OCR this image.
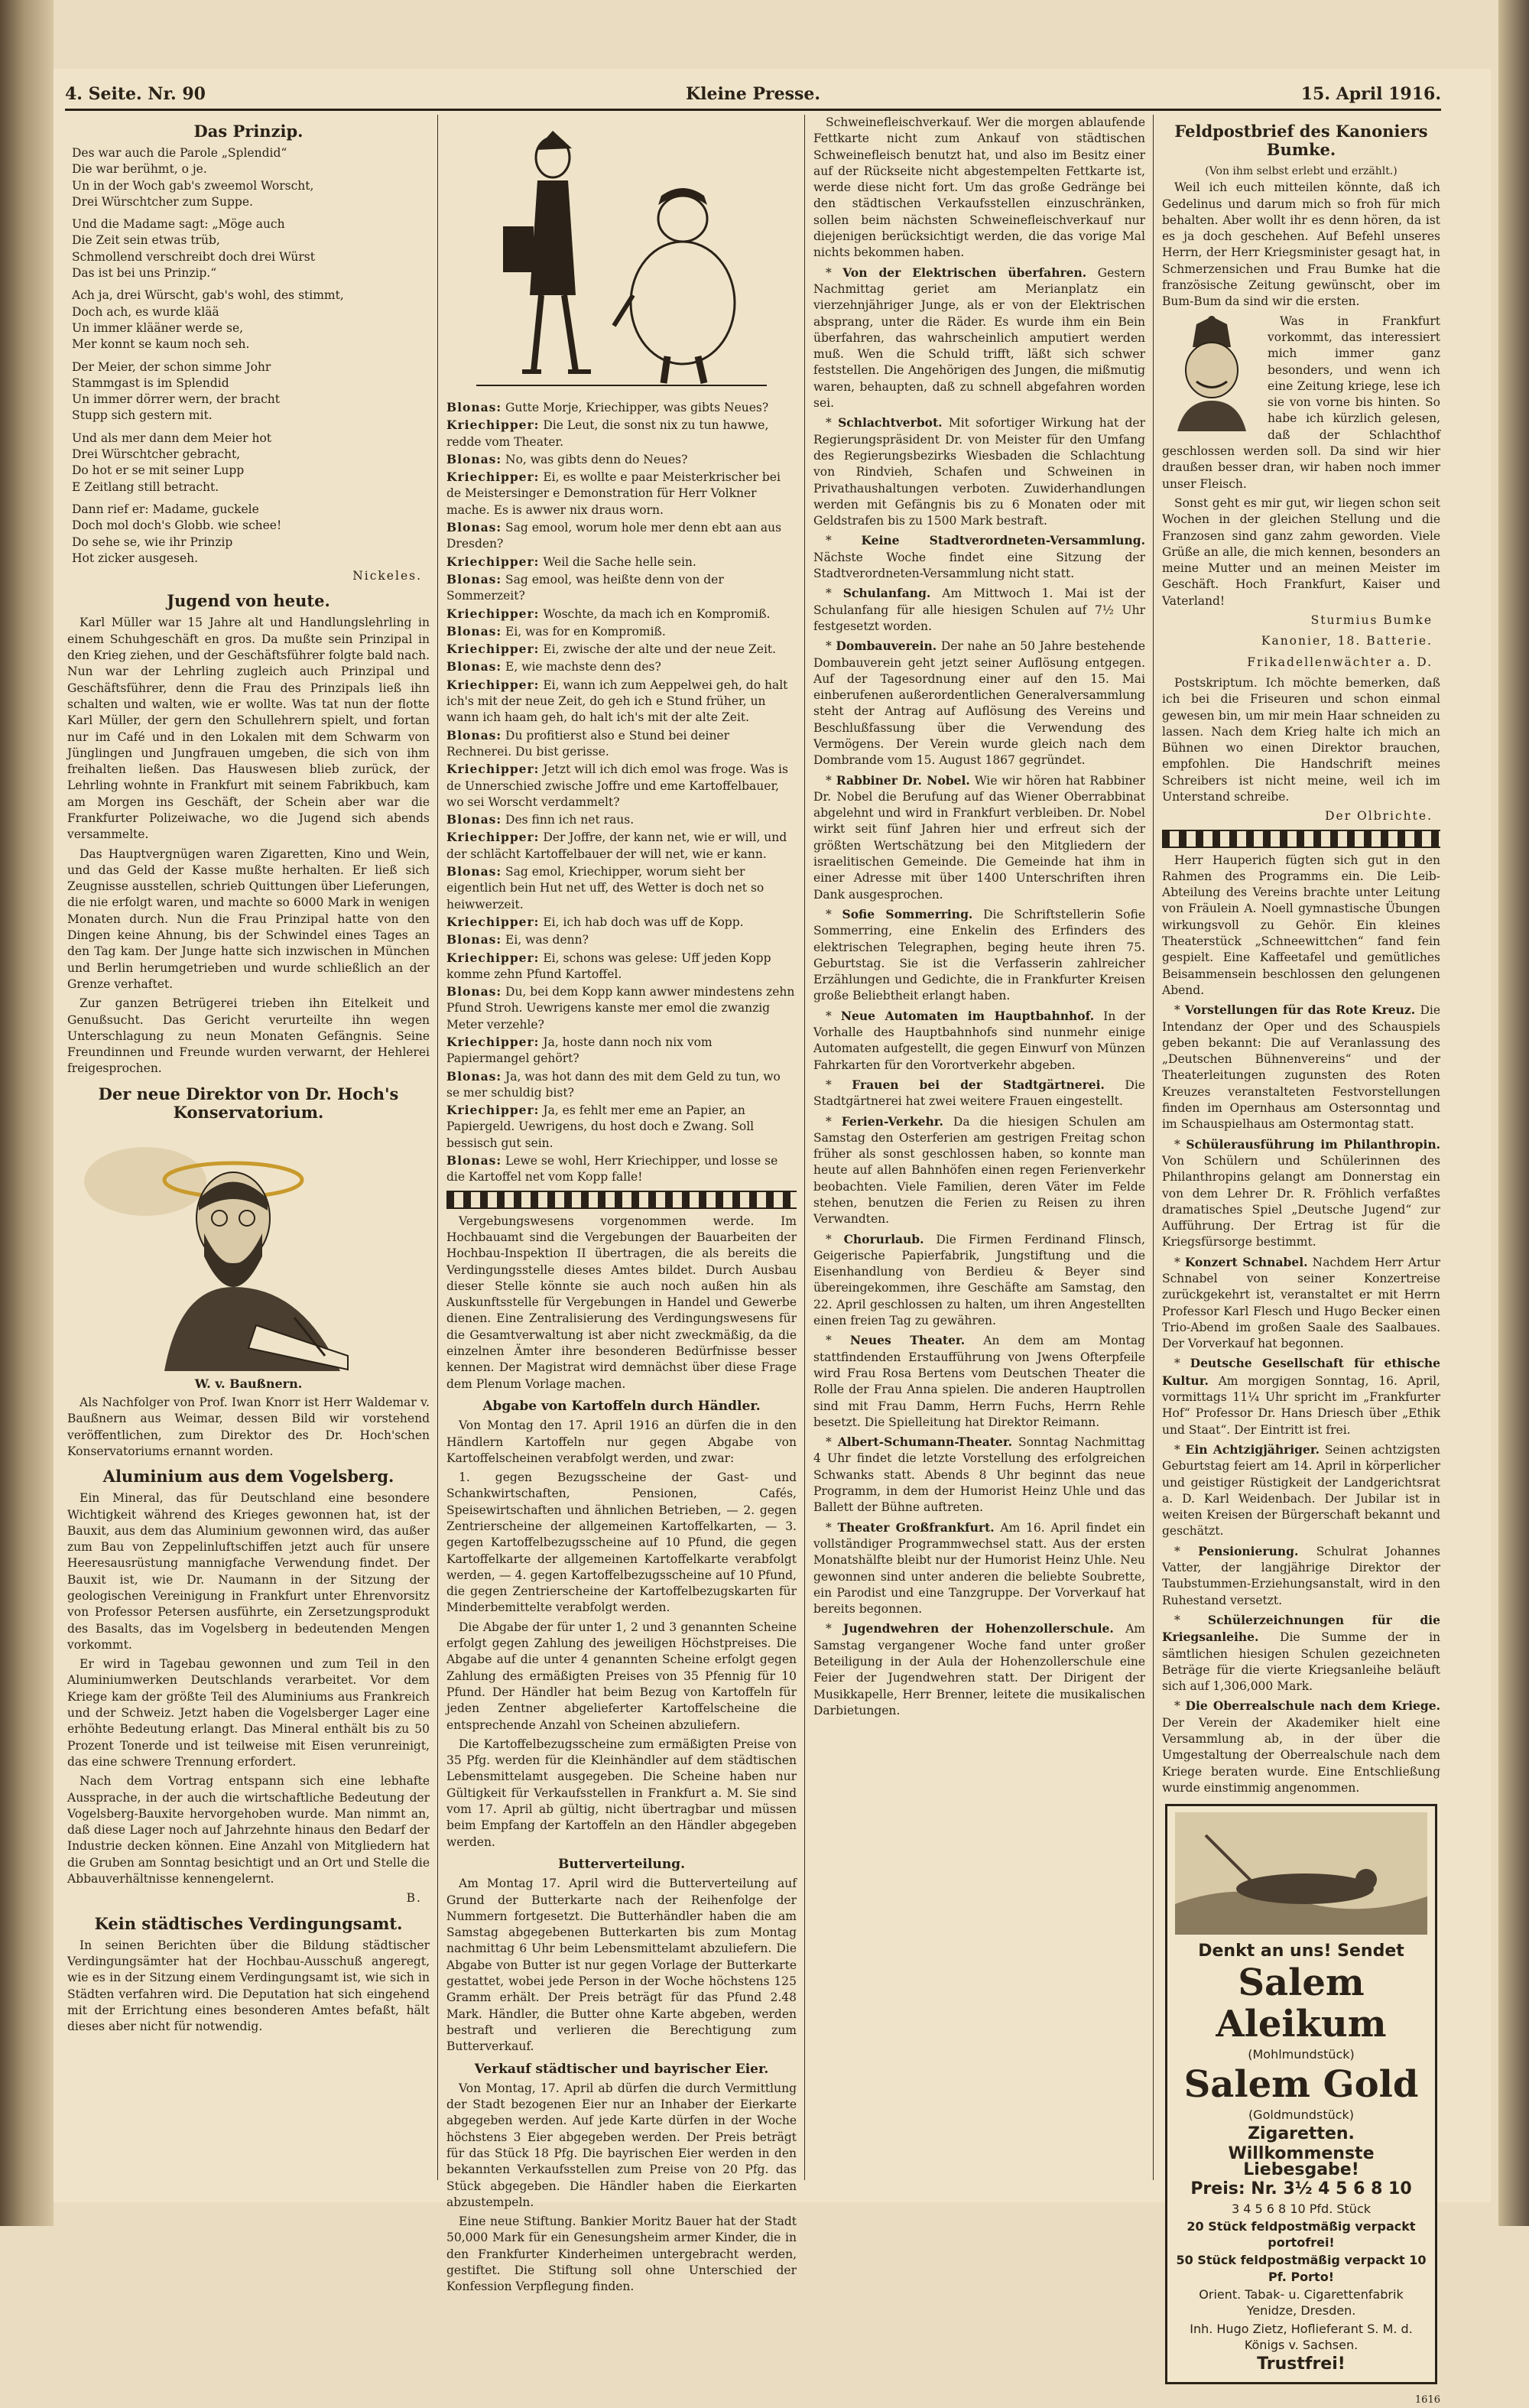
4. Seite. Nr. 90	Kleine Presse.	15. April 1916.
Das Prinzip.
Des war auch die Parole „Splendid“
Die war berühmt, o je.
Un in der Woch gab's zweemol Worscht,
Drei Würschtcher zum Suppe.
Und die Madame sagt: „Möge auch
Die Zeit sein etwas trüb,
Schmollend verschreibt doch drei Würst
Das ist bei uns Prinzip.“
Ach ja, drei Würscht, gab's wohl, des stimmt,
Doch ach, es wurde klää
Un immer klääner werde se,
Mer konnt se kaum noch seh.
Der Meier, der schon simme Johr
Stammgast is im Splendid
Un immer dörrer wern, der bracht
Stupp sich gestern mit.
Und als mer dann dem Meier hot
Drei Würschtcher gebracht,
Do hot er se mit seiner Lupp
E Zeitlang still betracht.
Dann rief er: Madame, guckele
Doch mol doch's Globb. wie schee!
Do sehe se, wie ihr Prinzip
Hot zicker ausgeseh.
Nickeles.
Jugend von heute.

Karl Müller war 15 Jahre alt und Handlungslehrling in einem Schuhgeschäft en gros. Da mußte sein Prinzipal in den Krieg ziehen, und der Geschäftsführer folgte bald nach. Nun war der Lehrling zugleich auch Prinzipal und Geschäftsführer, denn die Frau des Prinzipals ließ ihn schalten und walten, wie er wollte. Was tat nun der flotte Karl Müller, der gern den Schullehrern spielt, und fortan nur im Café und in den Lokalen mit dem Schwarm von Jünglingen und Jungfrauen umgeben, die sich von ihm freihalten ließen. Das Hauswesen blieb zurück, der Lehrling wohnte in Frankfurt mit seinem Fabrikbuch, kam am Morgen ins Geschäft, der Schein aber war die Frankfurter Polizeiwache, wo die Jugend sich abends versammelte.

Das Hauptvergnügen waren Zigaretten, Kino und Wein, und das Geld der Kasse mußte herhalten. Er ließ sich Zeugnisse ausstellen, schrieb Quittungen über Lieferungen, die nie erfolgt waren, und machte so 6000 Mark in wenigen Monaten durch. Nun die Frau Prinzipal hatte von den Dingen keine Ahnung, bis der Schwindel eines Tages an den Tag kam. Der Junge hatte sich inzwischen in München und Berlin herumgetrieben und wurde schließlich an der Grenze verhaftet.

Zur ganzen Betrügerei trieben ihn Eitelkeit und Genußsucht. Das Gericht verurteilte ihn wegen Unterschlagung zu neun Monaten Gefängnis. Seine Freundinnen und Freunde wurden verwarnt, der Hehlerei freigesprochen.

Der neue Direktor von Dr. Hoch's Konservatorium.
W. v. Baußnern.

Als Nachfolger von Prof. Iwan Knorr ist Herr Waldemar v. Baußnern aus Weimar, dessen Bild wir vorstehend veröffentlichen, zum Direktor des Dr. Hoch'schen Konservatoriums ernannt worden.

Aluminium aus dem Vogelsberg.

Ein Mineral, das für Deutschland eine besondere Wichtigkeit während des Krieges gewonnen hat, ist der Bauxit, aus dem das Aluminium gewonnen wird, das außer zum Bau von Zeppelinluftschiffen jetzt auch für unsere Heeresausrüstung mannigfache Verwendung findet. Der Bauxit ist, wie Dr. Naumann in der Sitzung der geologischen Vereinigung in Frankfurt unter Ehrenvorsitz von Professor Petersen ausführte, ein Zersetzungsprodukt des Basalts, das im Vogelsberg in bedeutenden Mengen vorkommt.

Er wird in Tagebau gewonnen und zum Teil in den Aluminiumwerken Deutschlands verarbeitet. Vor dem Kriege kam der größte Teil des Aluminiums aus Frankreich und der Schweiz. Jetzt haben die Vogelsberger Lager eine erhöhte Bedeutung erlangt. Das Mineral enthält bis zu 50 Prozent Tonerde und ist teilweise mit Eisen verunreinigt, das eine schwere Trennung erfordert.

Nach dem Vortrag entspann sich eine lebhafte Aussprache, in der auch die wirtschaftliche Bedeutung der Vogelsberg-Bauxite hervorgehoben wurde. Man nimmt an, daß diese Lager noch auf Jahrzehnte hinaus den Bedarf der Industrie decken können. Eine Anzahl von Mitgliedern hat die Gruben am Sonntag besichtigt und an Ort und Stelle die Abbauverhältnisse kennengelernt.

B.
Kein städtisches Verdingungsamt.

In seinen Berichten über die Bildung städtischer Verdingungsämter hat der Hochbau-Ausschuß angeregt, wie es in der Sitzung einem Verdingungsamt ist, wie sich in Städten verfahren wird. Die Deputation hat sich eingehend mit der Errichtung eines besonderen Amtes befaßt, hält dieses aber nicht für notwendig.

Blonas: Gutte Morje, Kriechipper, was gibts Neues?
Kriechipper: Die Leut, die sonst nix zu tun hawwe, redde vom Theater.
Blonas: No, was gibts denn do Neues?
Kriechipper: Ei, es wollte e paar Meisterkrischer bei de Meistersinger e Demonstration für Herr Volkner mache. Es is awwer nix draus worn.
Blonas: Sag emool, worum hole mer denn ebt aan aus Dresden?
Kriechipper: Weil die Sache helle sein.
Blonas: Sag emool, was heißte denn von der Sommerzeit?
Kriechipper: Woschte, da mach ich en Kompromiß.
Blonas: Ei, was for en Kompromiß.
Kriechipper: Ei, zwische der alte und der neue Zeit.
Blonas: E, wie machste denn des?
Kriechipper: Ei, wann ich zum Aeppelwei geh, do halt ich's mit der neue Zeit, do geh ich e Stund früher, un wann ich haam geh, do halt ich's mit der alte Zeit.
Blonas: Du profitierst also e Stund bei deiner Rechnerei. Du bist gerisse.
Kriechipper: Jetzt will ich dich emol was froge. Was is de Unnerschied zwische Joffre und eme Kartoffelbauer, wo sei Worscht verdammelt?
Blonas: Des finn ich net raus.
Kriechipper: Der Joffre, der kann net, wie er will, und der schlächt Kartoffelbauer der will net, wie er kann.
Blonas: Sag emol, Kriechipper, worum sieht ber eigentlich bein Hut net uff, des Wetter is doch net so heiwwerzeit.
Kriechipper: Ei, ich hab doch was uff de Kopp.
Blonas: Ei, was denn?
Kriechipper: Ei, schons was gelese: Uff jeden Kopp komme zehn Pfund Kartoffel.
Blonas: Du, bei dem Kopp kann awwer mindestens zehn Pfund Stroh. Uewrigens kanste mer emol die zwanzig Meter verzehle?
Kriechipper: Ja, hoste dann noch nix vom Papiermangel gehört?
Blonas: Ja, was hot dann des mit dem Geld zu tun, wo se mer schuldig bist?
Kriechipper: Ja, es fehlt mer eme an Papier, an Papiergeld. Uewrigens, du host doch e Zwang. Soll bessisch gut sein.
Blonas: Lewe se wohl, Herr Kriechipper, und losse se die Kartoffel net vom Kopp falle!

Vergebungswesens vorgenommen werde. Im Hochbauamt sind die Vergebungen der Bauarbeiten der Hochbau-Inspektion II übertragen, die als bereits die Verdingungsstelle dieses Amtes bildet. Durch Ausbau dieser Stelle könnte sie auch noch außen hin als Auskunftsstelle für Vergebungen in Handel und Gewerbe dienen. Eine Zentralisierung des Verdingungswesens für die Gesamtverwaltung ist aber nicht zweckmäßig, da die einzelnen Ämter ihre besonderen Bedürfnisse besser kennen. Der Magistrat wird demnächst über diese Frage dem Plenum Vorlage machen.

Abgabe von Kartoffeln durch Händler.

Von Montag den 17. April 1916 an dürfen die in den Händlern Kartoffeln nur gegen Abgabe von Kartoffelscheinen verabfolgt werden, und zwar:

1. gegen Bezugsscheine der Gast- und Schankwirtschaften, Pensionen, Cafés, Speisewirtschaften und ähnlichen Betrieben, — 2. gegen Zentrierscheine der allgemeinen Kartoffelkarten, — 3. gegen Kartoffelbezugsscheine auf 10 Pfund, die gegen Kartoffelkarte der allgemeinen Kartoffelkarte verabfolgt werden, — 4. gegen Kartoffelbezugsscheine auf 10 Pfund, die gegen Zentrierscheine der Kartoffelbezugskarten für Minderbemittelte verabfolgt werden.

Die Abgabe der für unter 1, 2 und 3 genannten Scheine erfolgt gegen Zahlung des jeweiligen Höchstpreises. Die Abgabe auf die unter 4 genannten Scheine erfolgt gegen Zahlung des ermäßigten Preises von 35 Pfennig für 10 Pfund. Der Händler hat beim Bezug von Kartoffeln für jeden Zentner abgelieferter Kartoffelscheine die entsprechende Anzahl von Scheinen abzuliefern.

Die Kartoffelbezugsscheine zum ermäßigten Preise von 35 Pfg. werden für die Kleinhändler auf dem städtischen Lebensmittelamt ausgegeben. Die Scheine haben nur Gültigkeit für Verkaufsstellen in Frankfurt a. M. Sie sind vom 17. April ab gültig, nicht übertragbar und müssen beim Empfang der Kartoffeln an den Händler abgegeben werden.

Butterverteilung.

Am Montag 17. April wird die Butterverteilung auf Grund der Butterkarte nach der Reihenfolge der Nummern fortgesetzt. Die Butterhändler haben die am Samstag abgegebenen Butterkarten bis zum Montag nachmittag 6 Uhr beim Lebensmittelamt abzuliefern. Die Abgabe von Butter ist nur gegen Vorlage der Butterkarte gestattet, wobei jede Person in der Woche höchstens 125 Gramm erhält. Der Preis beträgt für das Pfund 2.48 Mark. Händler, die Butter ohne Karte abgeben, werden bestraft und verlieren die Berechtigung zum Butterverkauf.

Verkauf städtischer und bayrischer Eier.

Von Montag, 17. April ab dürfen die durch Vermittlung der Stadt bezogenen Eier nur an Inhaber der Eierkarte abgegeben werden. Auf jede Karte dürfen in der Woche höchstens 3 Eier abgegeben werden. Der Preis beträgt für das Stück 18 Pfg. Die bayrischen Eier werden in den bekannten Verkaufsstellen zum Preise von 20 Pfg. das Stück abgegeben. Die Händler haben die Eierkarten abzustempeln.

Eine neue Stiftung. Bankier Moritz Bauer hat der Stadt 50,000 Mark für ein Genesungsheim armer Kinder, die in den Frankfurter Kinderheimen untergebracht werden, gestiftet. Die Stiftung soll ohne Unterschied der Konfession Verpflegung finden.

Schweinefleischverkauf. Wer die morgen ablaufende Fettkarte nicht zum Ankauf von städtischen Schweinefleisch benutzt hat, und also im Besitz einer auf der Rückseite nicht abgestempelten Fettkarte ist, werde diese nicht fort. Um das große Gedränge bei den städtischen Verkaufsstellen einzuschränken, sollen beim nächsten Schweinefleischverkauf nur diejenigen berücksichtigt werden, die das vorige Mal nichts bekommen haben.

* Von der Elektrischen überfahren. Gestern Nachmittag geriet am Merianplatz ein vierzehnjähriger Junge, als er von der Elektrischen absprang, unter die Räder. Es wurde ihm ein Bein überfahren, das wahrscheinlich amputiert werden muß. Wen die Schuld trifft, läßt sich schwer feststellen. Die Angehörigen des Jungen, die mißmutig waren, behaupten, daß zu schnell abgefahren worden sei.

* Schlachtverbot. Mit sofortiger Wirkung hat der Regierungspräsident Dr. von Meister für den Umfang des Regierungsbezirks Wiesbaden die Schlachtung von Rindvieh, Schafen und Schweinen in Privathaushaltungen verboten. Zuwiderhandlungen werden mit Gefängnis bis zu 6 Monaten oder mit Geldstrafen bis zu 1500 Mark bestraft.

* Keine Stadtverordneten-Versammlung. Nächste Woche findet eine Sitzung der Stadtverordneten-Versammlung nicht statt.

* Schulanfang. Am Mittwoch 1. Mai ist der Schulanfang für alle hiesigen Schulen auf 7½ Uhr festgesetzt worden.

* Dombauverein. Der nahe an 50 Jahre bestehende Dombauverein geht jetzt seiner Auflösung entgegen. Auf der Tagesordnung einer auf den 15. Mai einberufenen außerordentlichen Generalversammlung steht der Antrag auf Auflösung des Vereins und Beschlußfassung über die Verwendung des Vermögens. Der Verein wurde gleich nach dem Dombrande vom 15. August 1867 gegründet.

* Rabbiner Dr. Nobel. Wie wir hören hat Rabbiner Dr. Nobel die Berufung auf das Wiener Oberrabbinat abgelehnt und wird in Frankfurt verbleiben. Dr. Nobel wirkt seit fünf Jahren hier und erfreut sich der größten Wertschätzung bei den Mitgliedern der israelitischen Gemeinde. Die Gemeinde hat ihm in einer Adresse mit über 1400 Unterschriften ihren Dank ausgesprochen.

* Sofie Sommerring. Die Schriftstellerin Sofie Sommerring, eine Enkelin des Erfinders des elektrischen Telegraphen, beging heute ihren 75. Geburtstag. Sie ist die Verfasserin zahlreicher Erzählungen und Gedichte, die in Frankfurter Kreisen große Beliebtheit erlangt haben.

* Neue Automaten im Hauptbahnhof. In der Vorhalle des Hauptbahnhofs sind nunmehr einige Automaten aufgestellt, die gegen Einwurf von Münzen Fahrkarten für den Vorortverkehr abgeben.

* Frauen bei der Stadtgärtnerei. Die Stadtgärtnerei hat zwei weitere Frauen eingestellt.

* Ferien-Verkehr. Da die hiesigen Schulen am Samstag den Osterferien am gestrigen Freitag schon früher als sonst geschlossen haben, so konnte man heute auf allen Bahnhöfen einen regen Ferienverkehr beobachten. Viele Familien, deren Väter im Felde stehen, benutzen die Ferien zu Reisen zu ihren Verwandten.

* Chorurlaub. Die Firmen Ferdinand Flinsch, Geigerische Papierfabrik, Jungstiftung und die Eisenhandlung von Berdieu & Beyer sind übereingekommen, ihre Geschäfte am Samstag, den 22. April geschlossen zu halten, um ihren Angestellten einen freien Tag zu gewähren.

* Neues Theater. An dem am Montag stattfindenden Erstaufführung von Jwens Ofterpfeile wird Frau Rosa Bertens vom Deutschen Theater die Rolle der Frau Anna spielen. Die anderen Hauptrollen sind mit Frau Damm, Herrn Fuchs, Herrn Rehle besetzt. Die Spielleitung hat Direktor Reimann.

* Albert-Schumann-Theater. Sonntag Nachmittag 4 Uhr findet die letzte Vorstellung des erfolgreichen Schwanks statt. Abends 8 Uhr beginnt das neue Programm, in dem der Humorist Heinz Uhle und das Ballett der Bühne auftreten.

* Theater Großfrankfurt. Am 16. April findet ein vollständiger Programmwechsel statt. Aus der ersten Monatshälfte bleibt nur der Humorist Heinz Uhle. Neu gewonnen sind unter anderen die beliebte Soubrette, ein Parodist und eine Tanzgruppe. Der Vorverkauf hat bereits begonnen.

* Jugendwehren der Hohenzollerschule. Am Samstag vergangener Woche fand unter großer Beteiligung in der Aula der Hohenzollerschule eine Feier der Jugendwehren statt. Der Dirigent der Musikkapelle, Herr Brenner, leitete die musikalischen Darbietungen.

Feldpostbrief des Kanoniers Bumke.
(Von ihm selbst erlebt und erzählt.)

Weil ich euch mitteilen könnte, daß ich Gedelinus und darum mich so froh für mich behalten. Aber wollt ihr es denn hören, da ist es ja doch geschehen. Auf Befehl unseres Herrn, der Herr Kriegsminister gesagt hat, in Schmerzensichen und Frau Bumke hat die französische Zeitung gewünscht, ober im Bum-Bum da sind wir die ersten.

Was in Frankfurt vorkommt, das interessiert mich immer ganz besonders, und wenn ich eine Zeitung kriege, lese ich sie von vorne bis hinten. So habe ich kürzlich gelesen, daß der Schlachthof geschlossen werden soll. Da sind wir hier draußen besser dran, wir haben noch immer unser Fleisch.

Sonst geht es mir gut, wir liegen schon seit Wochen in der gleichen Stellung und die Franzosen sind ganz zahm geworden. Viele Grüße an alle, die mich kennen, besonders an meine Mutter und an meinen Meister im Geschäft. Hoch Frankfurt, Kaiser und Vaterland!

Sturmius Bumke
Kanonier, 18. Batterie.
Frikadellenwächter a. D.

Postskriptum. Ich möchte bemerken, daß ich bei die Friseuren und schon einmal gewesen bin, um mir mein Haar schneiden zu lassen. Nach dem Krieg halte ich mich an Bühnen wo einen Direktor brauchen, empfohlen. Die Handschrift meines Schreibers ist nicht meine, weil ich im Unterstand schreibe.

Der Olbrichte.

Herr Hauperich fügten sich gut in den Rahmen des Programms ein. Die Leib-Abteilung des Vereins brachte unter Leitung von Fräulein A. Noell gymnastische Übungen wirkungsvoll zu Gehör. Ein kleines Theaterstück „Schneewittchen“ fand fein gespielt. Eine Kaffeetafel und gemütliches Beisammensein beschlossen den gelungenen Abend.

* Vorstellungen für das Rote Kreuz. Die Intendanz der Oper und des Schauspiels geben bekannt: Die auf Veranlassung des „Deutschen Bühnenvereins“ und der Theaterleitungen zugunsten des Roten Kreuzes veranstalteten Festvorstellungen finden im Opernhaus am Ostersonntag und im Schauspielhaus am Ostermontag statt.

* Schülerausführung im Philanthropin. Von Schülern und Schülerinnen des Philanthropins gelangt am Donnerstag ein von dem Lehrer Dr. R. Fröhlich verfaßtes dramatisches Spiel „Deutsche Jugend“ zur Aufführung. Der Ertrag ist für die Kriegsfürsorge bestimmt.

* Konzert Schnabel. Nachdem Herr Artur Schnabel von seiner Konzertreise zurückgekehrt ist, veranstaltet er mit Herrn Professor Karl Flesch und Hugo Becker einen Trio-Abend im großen Saale des Saalbaues. Der Vorverkauf hat begonnen.

* Deutsche Gesellschaft für ethische Kultur. Am morgigen Sonntag, 16. April, vormittags 11¼ Uhr spricht im „Frankfurter Hof“ Professor Dr. Hans Driesch über „Ethik und Staat“. Der Eintritt ist frei.

* Ein Achtzigjähriger. Seinen achtzigsten Geburtstag feiert am 14. April in körperlicher und geistiger Rüstigkeit der Landgerichtsrat a. D. Karl Weidenbach. Der Jubilar ist in weiten Kreisen der Bürgerschaft bekannt und geschätzt.

* Pensionierung. Schulrat Johannes Vatter, der langjährige Direktor der Taubstummen-Erziehungsanstalt, wird in den Ruhestand versetzt.

* Schülerzeichnungen für die Kriegsanleihe. Die Summe der in sämtlichen hiesigen Schulen gezeichneten Beträge für die vierte Kriegsanleihe beläuft sich auf 1,306,000 Mark.

* Die Oberrealschule nach dem Kriege. Der Verein der Akademiker hielt eine Versammlung ab, in der über die Umgestaltung der Oberrealschule nach dem Kriege beraten wurde. Eine Entschließung wurde einstimmig angenommen.

Denkt an uns! Sendet
Salem Aleikum
(Mohlmundstück)
Salem Gold
(Goldmundstück)
Zigaretten.
Willkommenste Liebesgabe!
Preis: Nr. 3½ 4 5 6 8 10
3 4 5 6 8 10 Pfd. Stück
20 Stück feldpostmäßig verpackt portofrei!
50 Stück feldpostmäßig verpackt 10 Pf. Porto!
Orient. Tabak- u. Cigarettenfabrik Yenidze, Dresden.
Inh. Hugo Zietz, Hoflieferant S. M. d. Königs v. Sachsen.
Trustfrei!
1616
